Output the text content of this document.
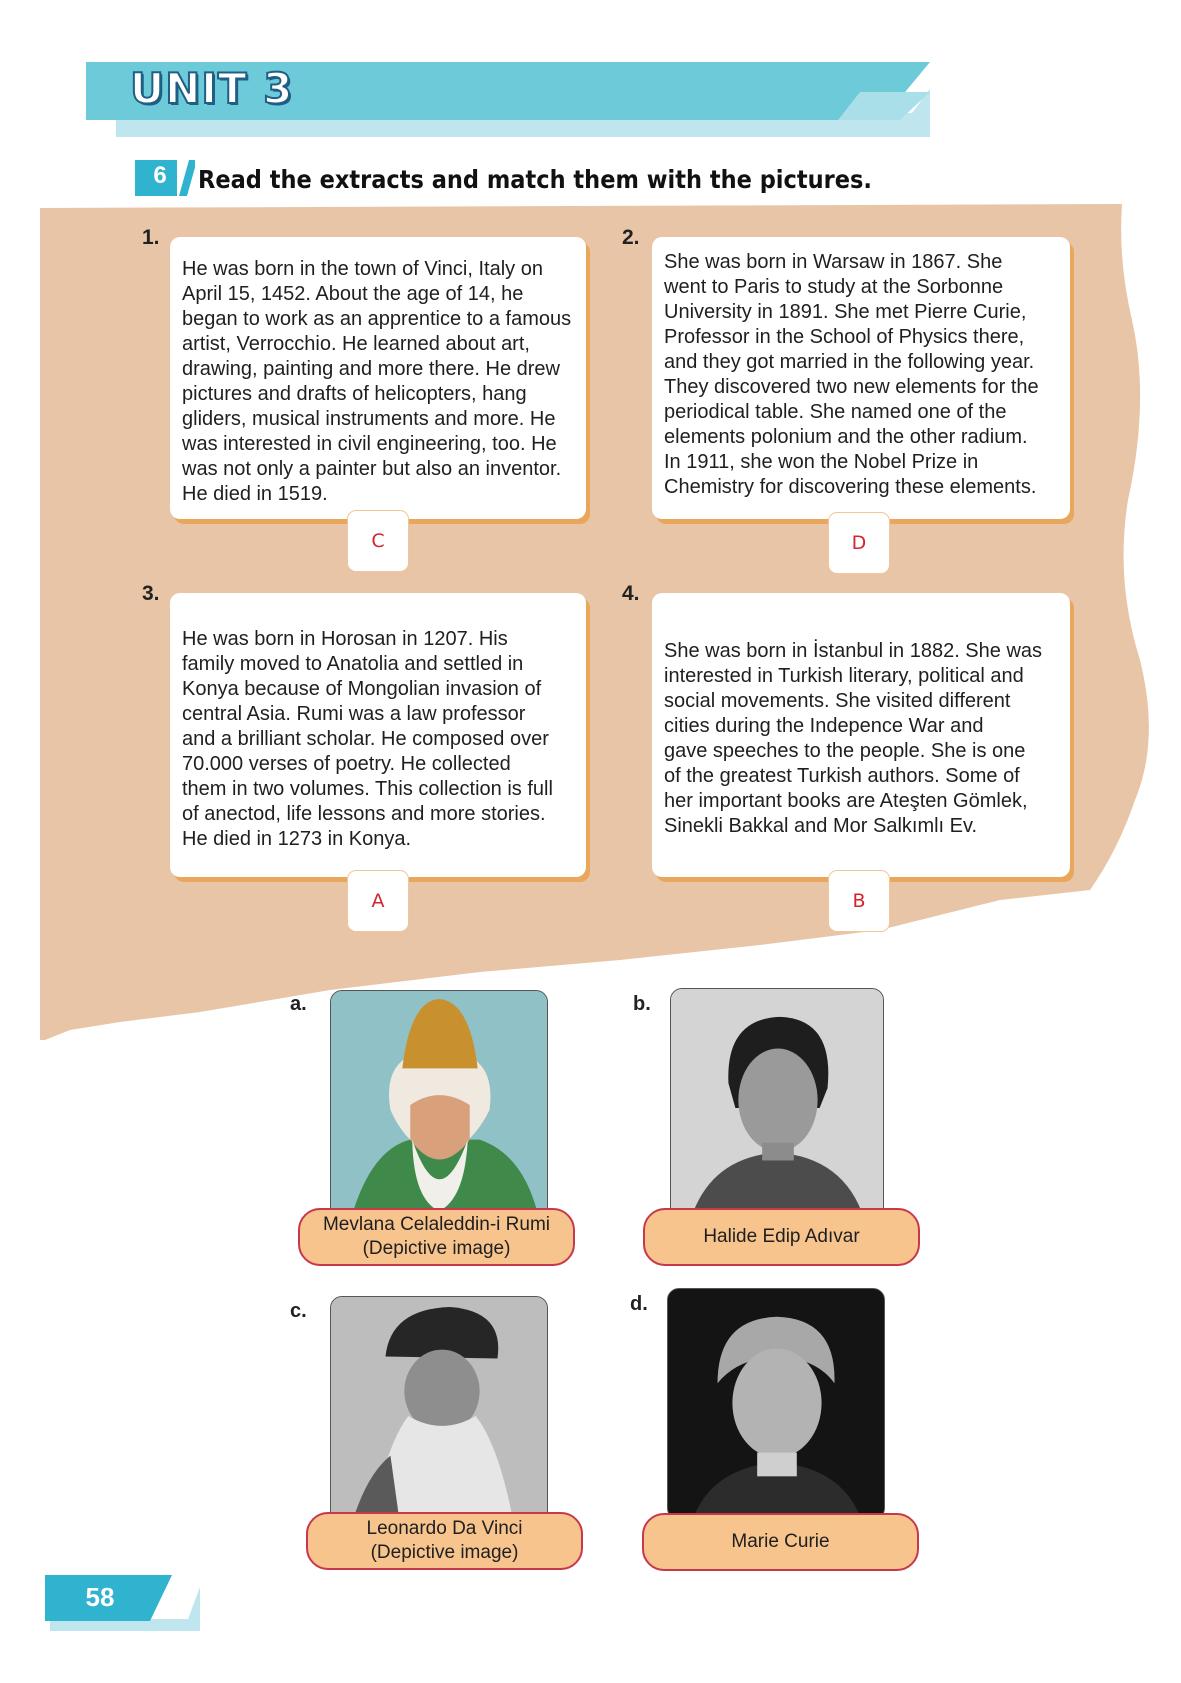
UNIT 3
6	Read the extracts and match them with the pictures.
1.
He was born in the town of Vinci, Italy on
April 15, 1452. About the age of 14, he
began to work as an apprentice to a famous
artist, Verrocchio. He learned about art,
drawing, painting and more there. He drew
pictures and drafts of helicopters, hang
gliders, musical instruments and more. He
was interested in civil engineering, too. He
was not only a painter but also an inventor.
He died in 1519.
C
2.
She was born in Warsaw in 1867. She
went to Paris to study at the Sorbonne
University in 1891. She met Pierre Curie,
Professor in the School of Physics there,
and they got married in the following year.
They discovered two new elements for the
periodical table. She named one of the
elements polonium and the other radium.
In 1911, she won the Nobel Prize in
Chemistry for discovering these elements.
D
3.
He was born in Horosan in 1207. His
family moved to Anatolia and settled in
Konya because of Mongolian invasion of
central Asia. Rumi was a law professor
and a brilliant scholar. He composed over
70.000 verses of poetry. He collected
them in two volumes. This collection is full
of anectod, life lessons and more stories.
He died in 1273 in Konya.
A
4.
She was born in İstanbul in 1882. She was
interested in Turkish literary, political and
social movements. She visited different
cities during the Indepence War and
gave speeches to the people. She is one
of the greatest Turkish authors. Some of
her important books are Ateşten Gömlek,
Sinekli Bakkal and Mor Salkımlı Ev.
B
a.
Mevlana Celaleddin-i Rumi
(Depictive image)
b.
Halide Edip Adıvar
c.
Leonardo Da Vinci
(Depictive image)
d.
Marie Curie
58
